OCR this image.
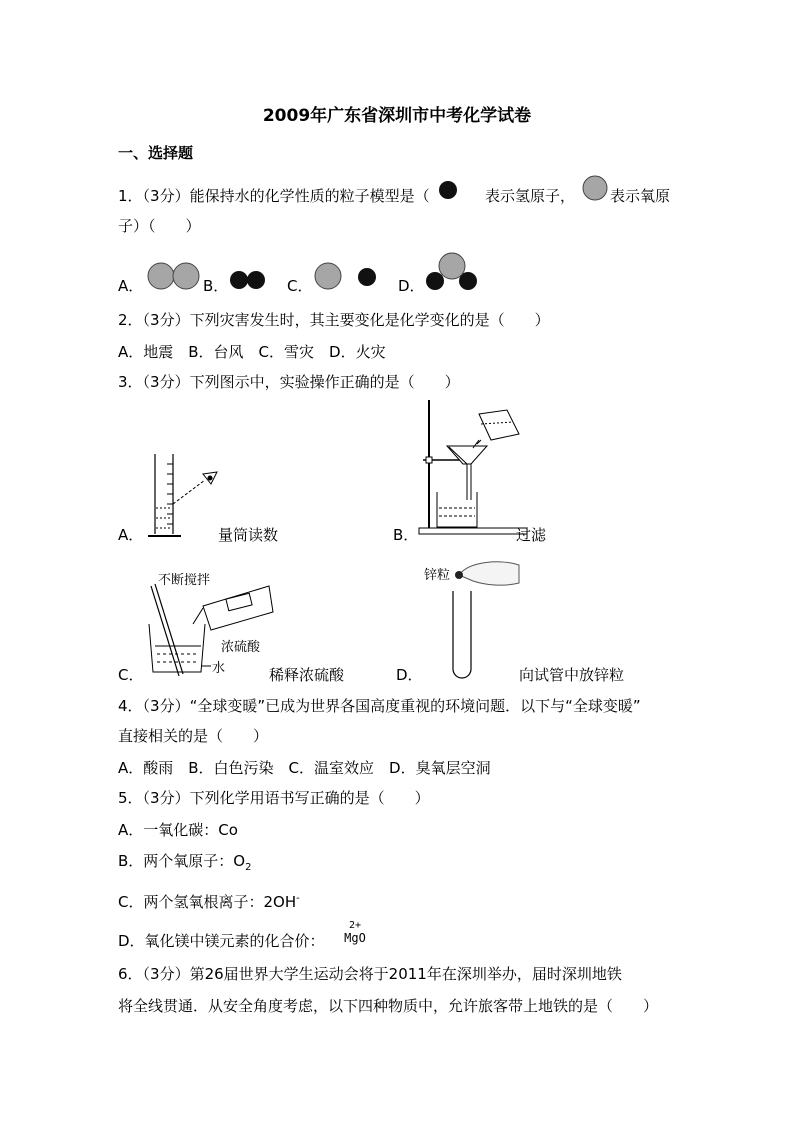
2009年广东省深圳市中考化学试卷
一、选择题
1．（3分）能保持水的化学性质的粒子模型是（	表示氢原子， 表示氧原
子）（　　）
A．	B．	C．	D．
2．（3分）下列灾害发生时，其主要变化是化学变化的是（　　）
A．地震　B．台风　C．雪灾　D．火灾
3．（3分）下列图示中，实验操作正确的是（　　）
A．	量筒读数	B．	过滤
不断搅拌
浓硫酸
水
C．	稀释浓硫酸
锌粒
D．	向试管中放锌粒
4．（3分）“全球变暖”已成为世界各国高度重视的环境问题．以下与“全球变暖”
直接相关的是（　　）
A．酸雨　B．白色污染　C．温室效应　D．臭氧层空洞
5．（3分）下列化学用语书写正确的是（　　）
A．一氧化碳：Co
B．两个氧原子：$O_2$
C．两个氢氧根离子：2OH-
D．氧化镁中镁元素的化合价：
2+
MgO
6．（3分）第26届世界大学生运动会将于2011年在深圳举办，届时深圳地铁
将全线贯通．从安全角度考虑，以下四种物质中，允许旅客带上地铁的是（　　）
